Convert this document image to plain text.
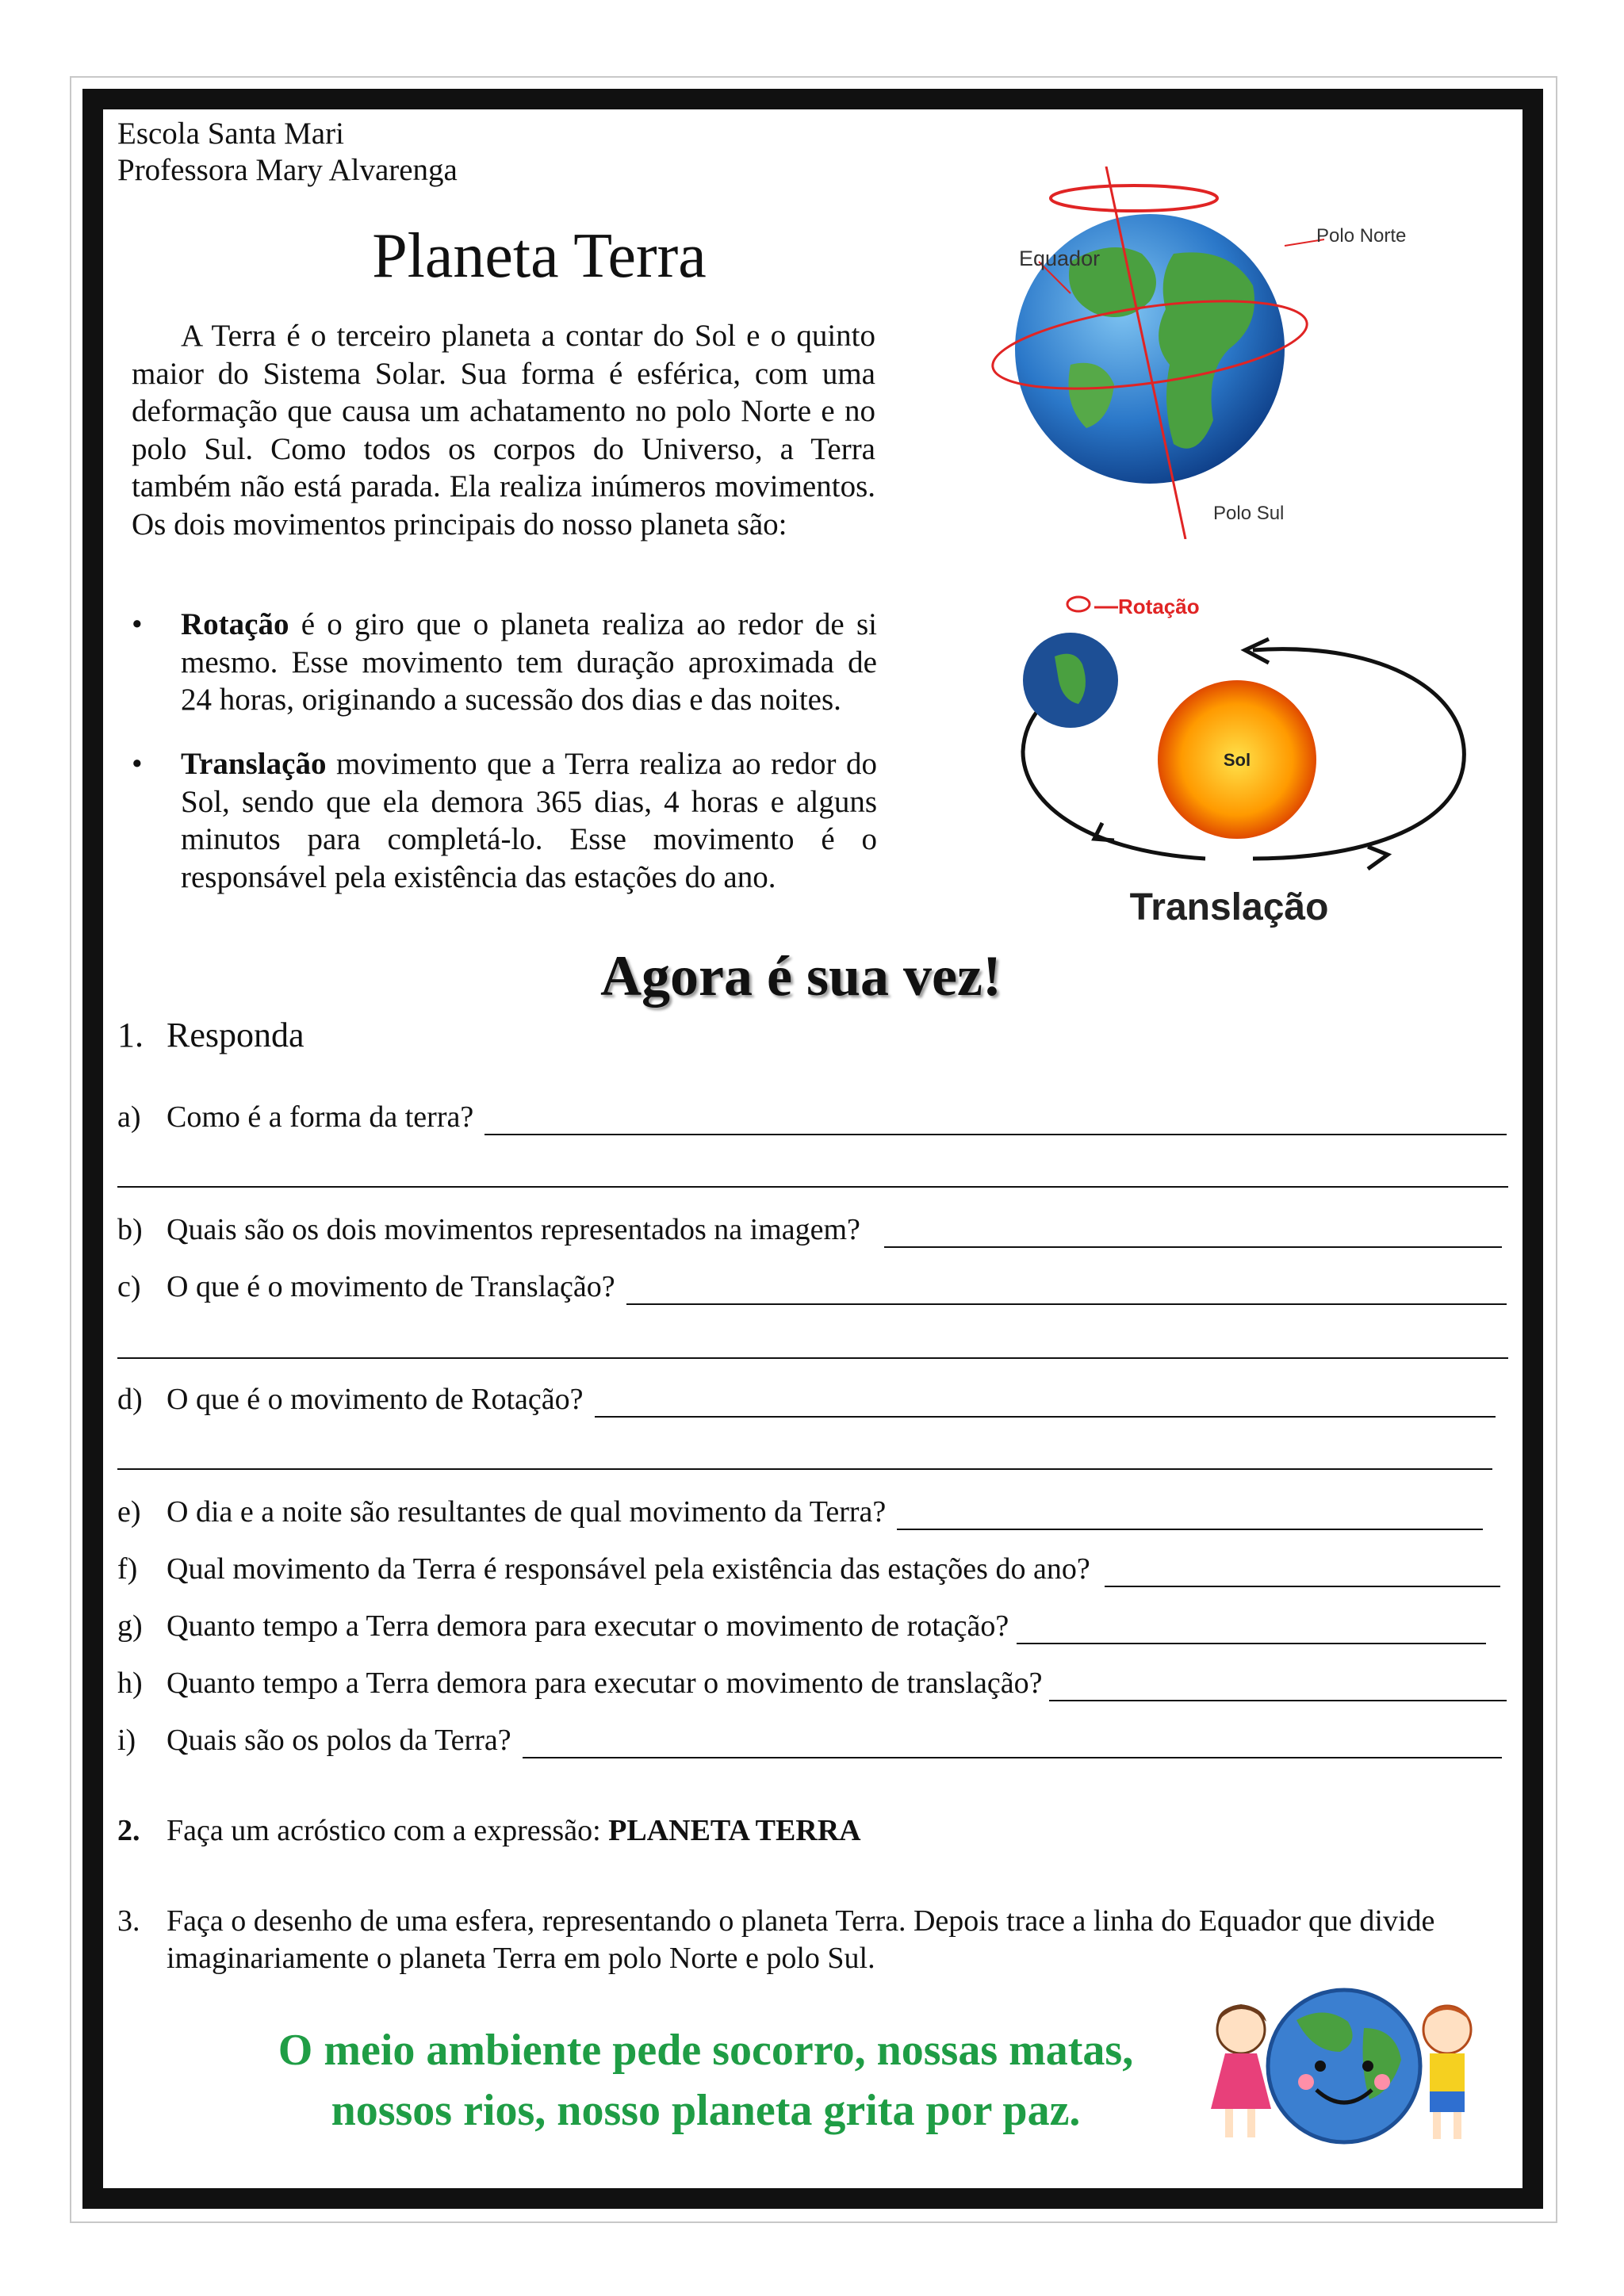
Escola Santa Mari
Professora Mary Alvarenga
Planeta Terra
A Terra é o terceiro planeta a contar do Sol e o quinto maior do Sistema Solar. Sua forma é esférica, com uma deformação que causa um achatamento no polo Norte e no polo Sul. Como todos os corpos do Universo, a Terra também não está parada. Ela realiza inúmeros movimentos. Os dois movimentos principais do nosso planeta são:
•	Rotação é o giro que o planeta realiza ao redor de si mesmo. Esse movimento tem duração aproximada de 24 horas, originando a sucessão dos dias e das noites.
•	Translação movimento que a Terra realiza ao redor do Sol, sendo que ela demora 365 dias, 4 horas e alguns minutos para completá-lo. Esse movimento é o responsável pela existência das estações do ano.
Equador
Polo Norte
Polo Sul
Sol
Rotação
Translação
Agora é sua vez!
1. Responda
a) Como é a forma da terra?
b) Quais são os dois movimentos representados na imagem?
c) O que é o movimento de Translação?
d) O que é o movimento de Rotação?
e) O dia e a noite são resultantes de qual movimento da Terra?
f) Qual movimento da Terra é responsável pela existência das estações do ano?
g) Quanto tempo a Terra demora para executar o movimento de rotação?
h) Quanto tempo a Terra demora para executar o movimento de translação?
i)	Quais são os polos da Terra?
2. Faça um acróstico com a expressão: PLANETA TERRA
3. Faça o desenho de uma esfera, representando o planeta Terra. Depois trace a linha do Equador que divide imaginariamente o planeta Terra em polo Norte e polo Sul.
O meio ambiente pede socorro, nossas matas,
nossos rios, nosso planeta grita por paz.
